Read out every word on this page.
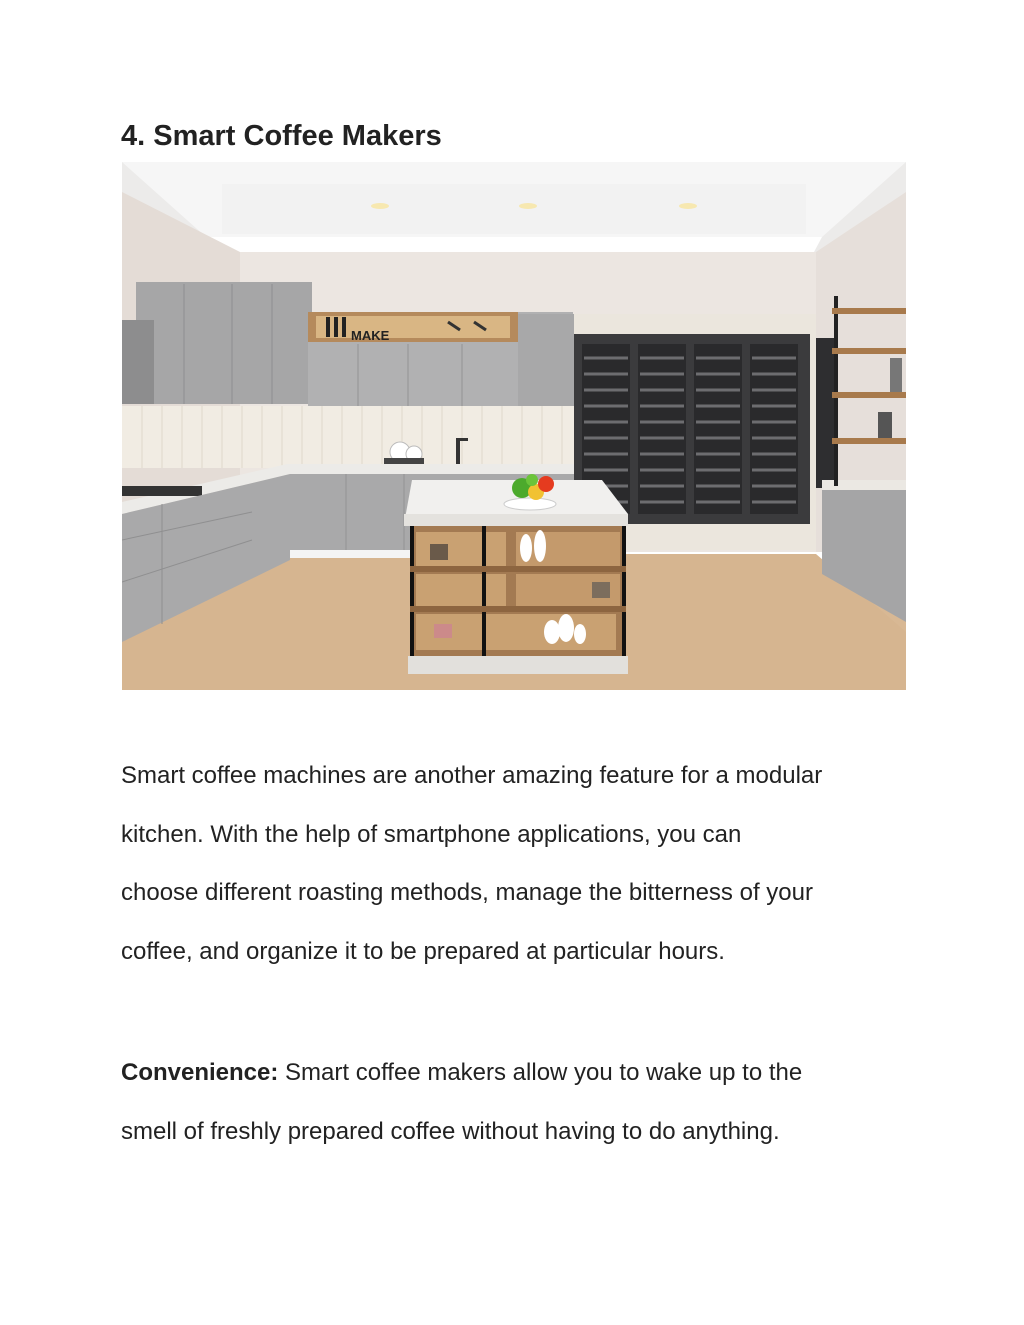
4. Smart Coffee Makers
MAKE

Smart coffee machines are another amazing feature for a modular
kitchen. With the help of smartphone applications, you can
choose different roasting methods, manage the bitterness of your
coffee, and organize it to be prepared at particular hours.

Convenience: Smart coffee makers allow you to wake up to the
smell of freshly prepared coffee without having to do anything.
